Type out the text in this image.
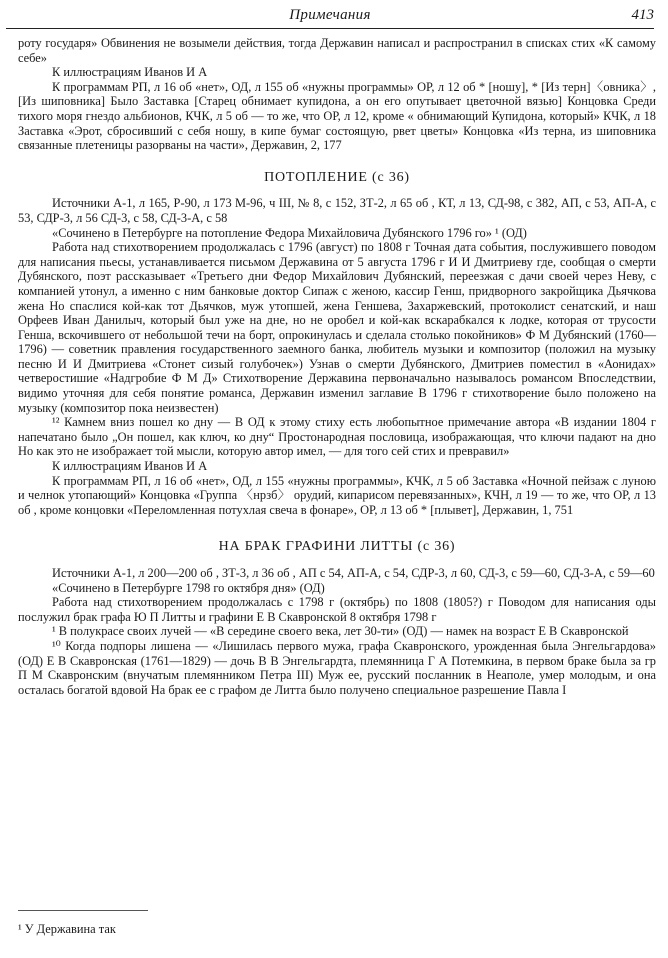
Примечания	413

роту государя» Обвинения не возымели действия, тогда Державин написал и распространил в списках стих «К самому себе»

К иллюстрациям Иванов И А

К программам РП, л 16 об «нет», ОД, л 155 об «нужны программы» ОР, л 12 об * [ношу], * [Из терн]〈овника〉, [Из шиповника] Было Заставка [Старец обнимает купидона, а он его опутывает цветочной вязью] Концовка Среди тихого моря гнездо альбионов, КЧК, л 5 об — то же, что ОР, л 12, кроме « обнимающий Купидона, который» КЧК, л 18 Заставка «Эрот, сбросивший с себя ношу, в кипе бумаг состоящую, рвет цветы» Концовка «Из терна, из шиповника связанные плетеницы разорваны на части», Державин, 2, 177

ПОТОПЛЕНИЕ (с 36)

Источники А-1, л 165, Р-90, л 173 М-96, ч III, № 8, с 152, ЗТ-2, л 65 об , КТ, л 13, СД-98, с 382, АП, с 53, АП-А, с 53, СДР-3, л 56 СД-3, с 58, СД-3-А, с 58

«Сочинено в Петербурге на потопление Федора Михайловича Дубянского 1796 го» ¹ (ОД)

Работа над стихотворением продолжалась с 1796 (август) по 1808 г Точная дата события, послужившего поводом для написания пьесы, устанавливается письмом Державина от 5 августа 1796 г И И Дмитриеву где, сообщая о смерти Дубянского, поэт рассказывает «Третьего дни Федор Михайлович Дубянский, переезжая с дачи своей через Неву, с компанией утонул, а именно с ним банковые доктор Сипаж с женою, кассир Генш, придворного закройщика Дьячкова жена Но спаслися кой-как тот Дьячков, муж утопшей, жена Геншева, Захаржевский, протоколист сенатский, и наш Орфеев Иван Данилыч, который был уже на дне, но не оробел и кой-как вскарабкался к лодке, которая от трусости Генша, вскочившего от небольшой течи на борт, опрокинулась и сделала столько покойников» Ф М Дубянский (1760—1796) — советник правления государственного заемного банка, любитель музыки и композитор (положил на музыку песню И И Дмитриева «Стонет сизый голубочек») Узнав о смерти Дубянского, Дмитриев поместил в «Аонидах» четверостишие «Надгробие Ф М Д» Стихотворение Державина первоначально называлось романсом Впоследствии, видимо уточняя для себя понятие романса, Державин изменил заглавие В 1796 г стихотворение было положено на музыку (композитор пока неизвестен)

¹² Камнем вниз пошел ко дну — В ОД к этому стиху есть любопытное примечание автора «В издании 1804 г напечатано было „Он пошел, как ключ, ко дну“ Простонародная пословица, изображающая, что ключи падают на дно Но как это не изображает той мысли, которую автор имел, — для того сей стих и превравил»

К иллюстрациям Иванов И А

К программам РП, л 16 об «нет», ОД, л 155 «нужны программы», КЧК, л 5 об Заставка «Ночной пейзаж с луною и челнок утопающий» Концовка «Группа 〈нрзб〉 орудий, кипарисом перевязанных», КЧН, л 19 — то же, что ОР, л 13 об , кроме концовки «Переломленная потухлая свеча в фонаре», ОР, л 13 об * [плывет], Державин, 1, 751

НА БРАК ГРАФИНИ ЛИТТЫ (с 36)

Источники А-1, л 200—200 об , ЗТ-3, л 36 об , АП с 54, АП-А, с 54, СДР-3, л 60, СД-3, с 59—60, СД-3-А, с 59—60

«Сочинено в Петербурге 1798 го октября дня» (ОД)

Работа над стихотворением продолжалась с 1798 г (октябрь) по 1808 (1805?) г Поводом для написания оды послужил брак графа Ю П Литты и графини Е В Скавронской 8 октября 1798 г

¹ В полукрасе своих лучей — «В середине своего века, лет 30-ти» (ОД) — намек на возраст Е В Скавронской

¹⁰ Когда подпоры лишена — «Лишилась первого мужа, графа Скавронского, урожденная была Энгельгардова» (ОД) Е В Скавронская (1761—1829) — дочь В В Энгельгардта, племянница Г А Потемкина, в первом браке была за гр П М Скавронским (внучатым племянником Петра III) Муж ее, русский посланник в Неаполе, умер молодым, и она осталась богатой вдовой На брак ее с графом де Литта было получено специальное разрешение Павла I

¹ У Державина так
